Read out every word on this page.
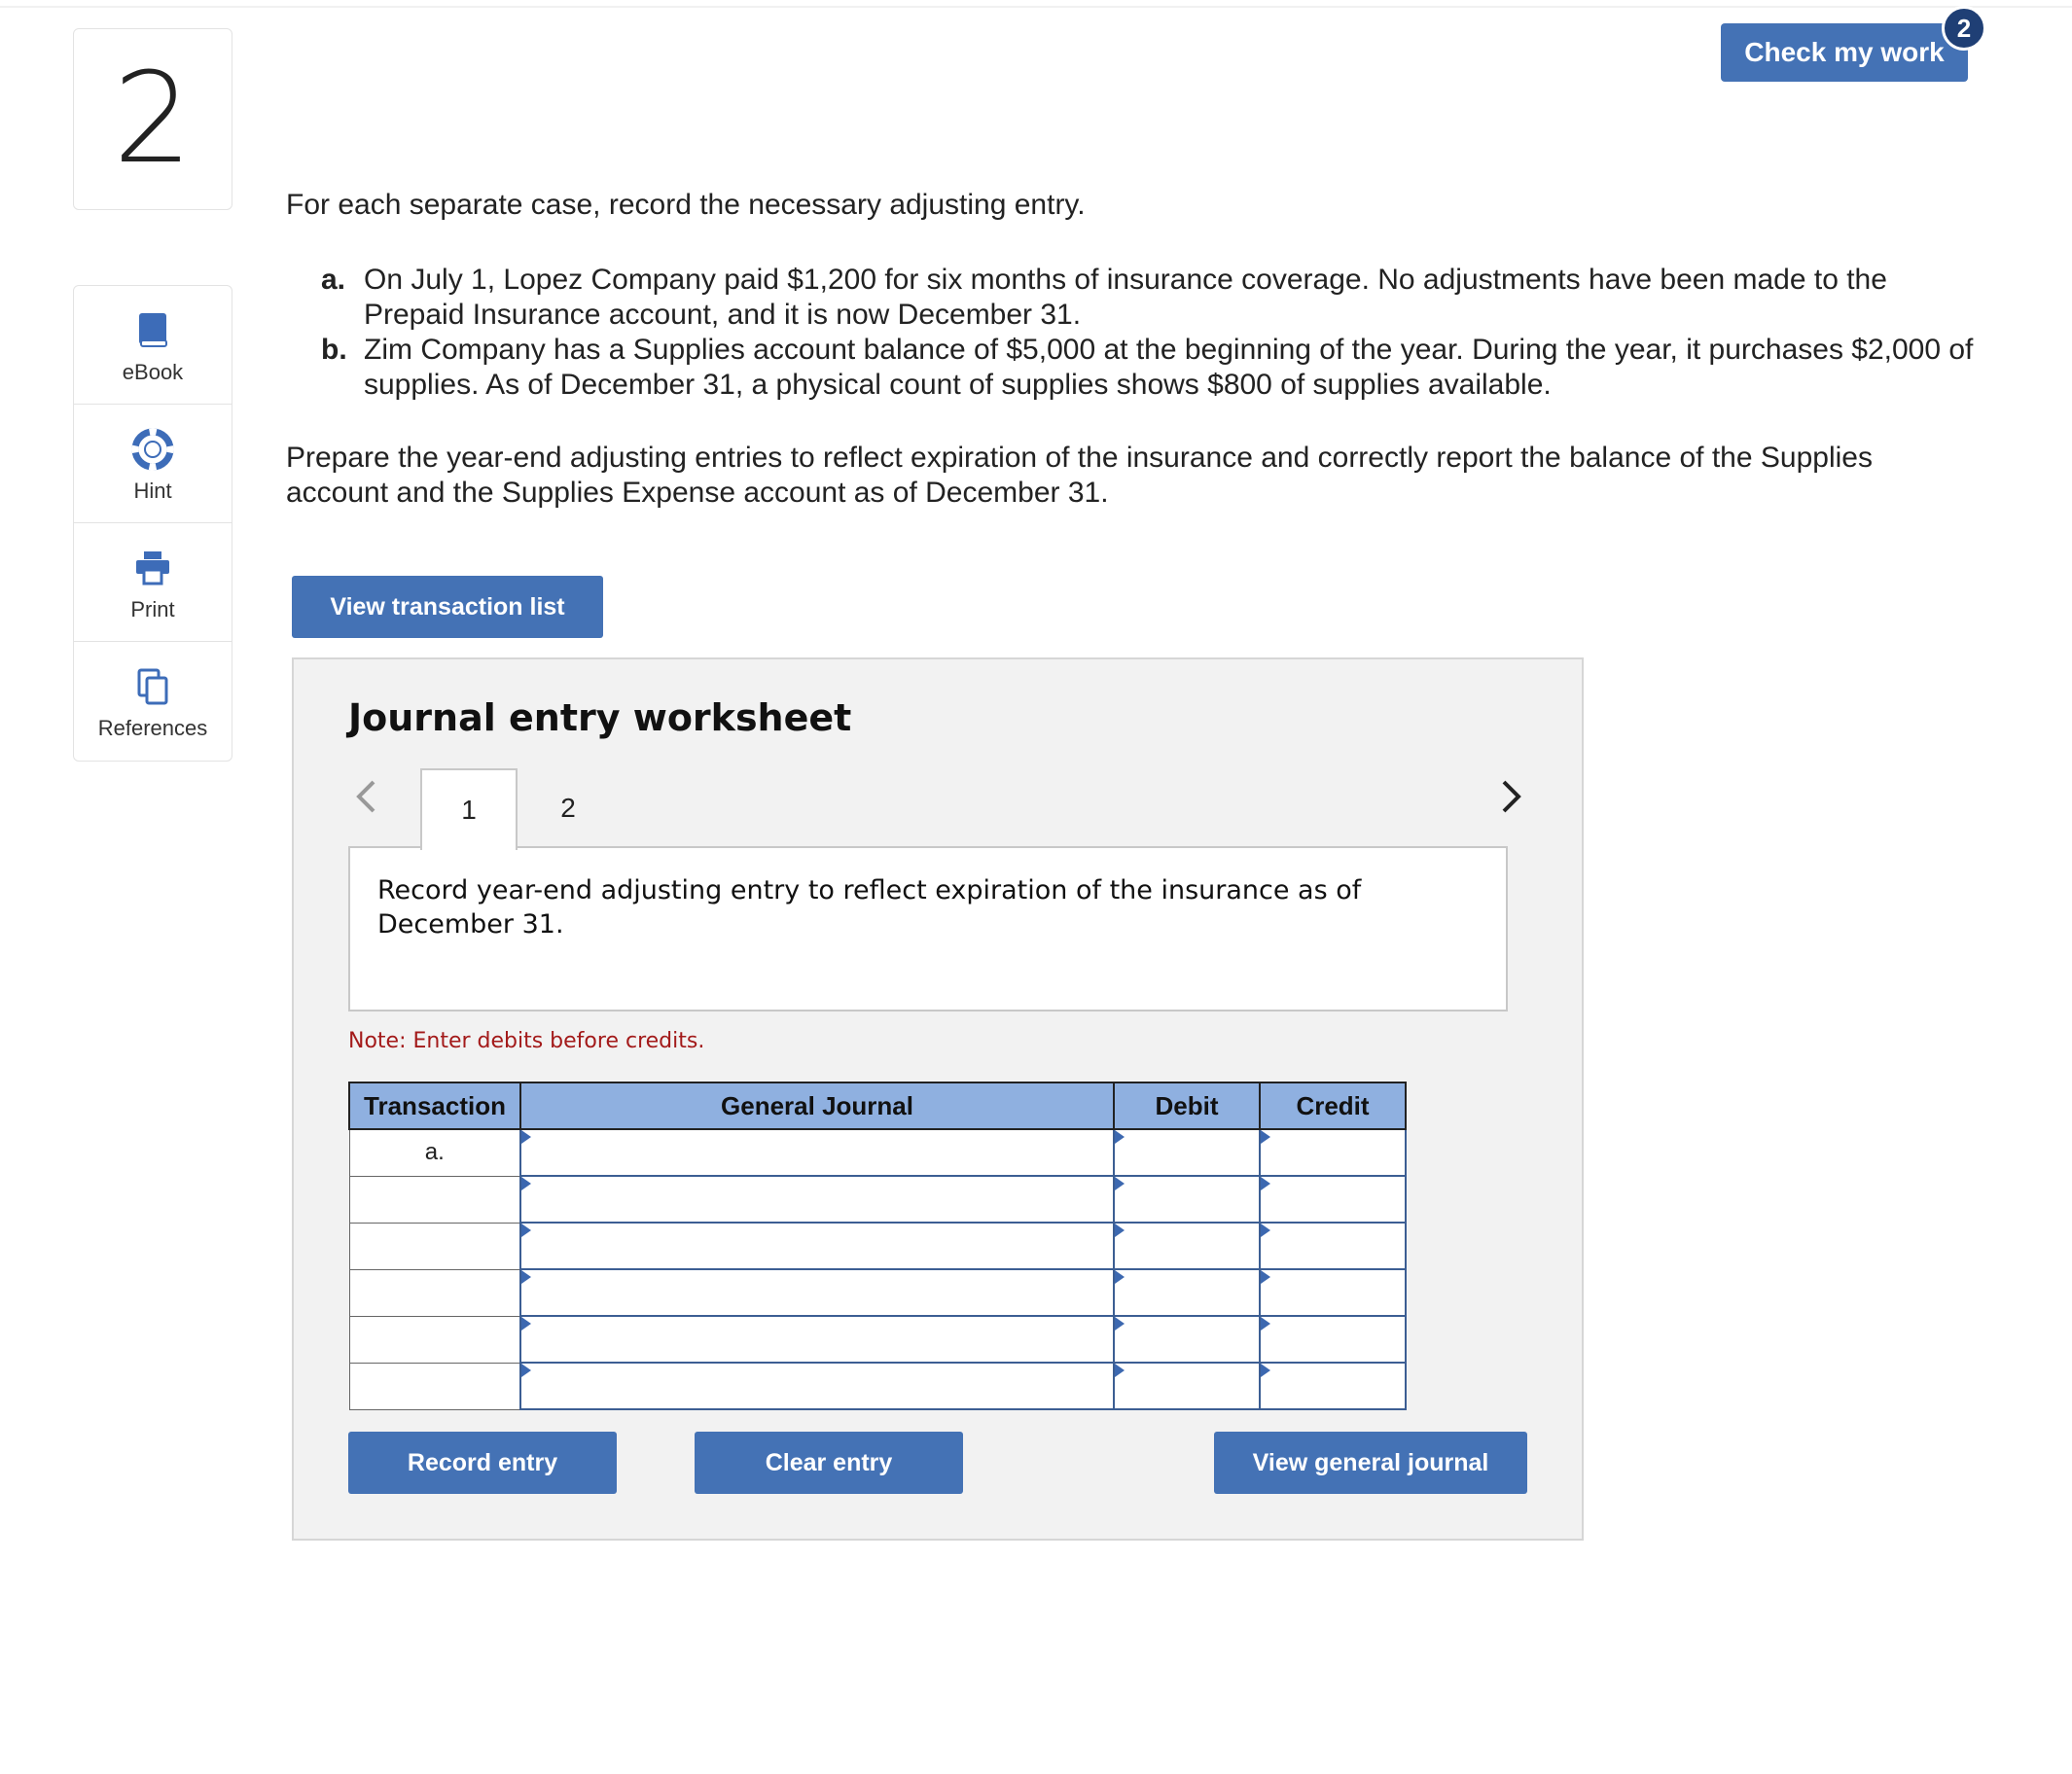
2
eBook
Hint
Print
References
Check my work
2
For each separate case, record the necessary adjusting entry.
a. On July 1, Lopez Company paid $1,200 for six months of insurance coverage. No adjustments have been made to the Prepaid Insurance account, and it is now December 31.
b. Zim Company has a Supplies account balance of $5,000 at the beginning of the year. During the year, it purchases $2,000 of supplies. As of December 31, a physical count of supplies shows $800 of supplies available.
Prepare the year-end adjusting entries to reflect expiration of the insurance and correctly report the balance of the Supplies account and the Supplies Expense account as of December 31.
View transaction list
Journal entry worksheet
1	2
Record year-end adjusting entry to reflect expiration of the insurance as of December 31.
Note: Enter debits before credits.
Transaction	General Journal	Debit	Credit
a.			

Record entry	Clear entry	View general journal
